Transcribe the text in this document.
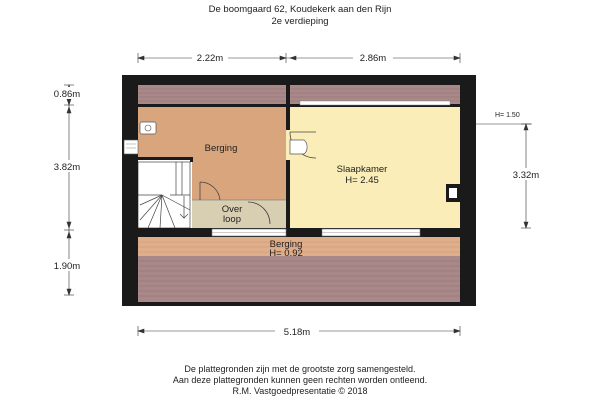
De boomgaard 62, Koudekerk aan den Rijn
2e verdieping
2.22m	2.86m
0.86m
3.82m
1.90m
3.32m
H= 1.50
5.18m
Berging
Slaapkamer
H= 2.45
Over
loop
Berging
H= 0.92
De plattegronden zijn met de grootste zorg samengesteld.
Aan deze plattegronden kunnen geen rechten worden ontleend.
R.M. Vastgoedpresentatie © 2018
